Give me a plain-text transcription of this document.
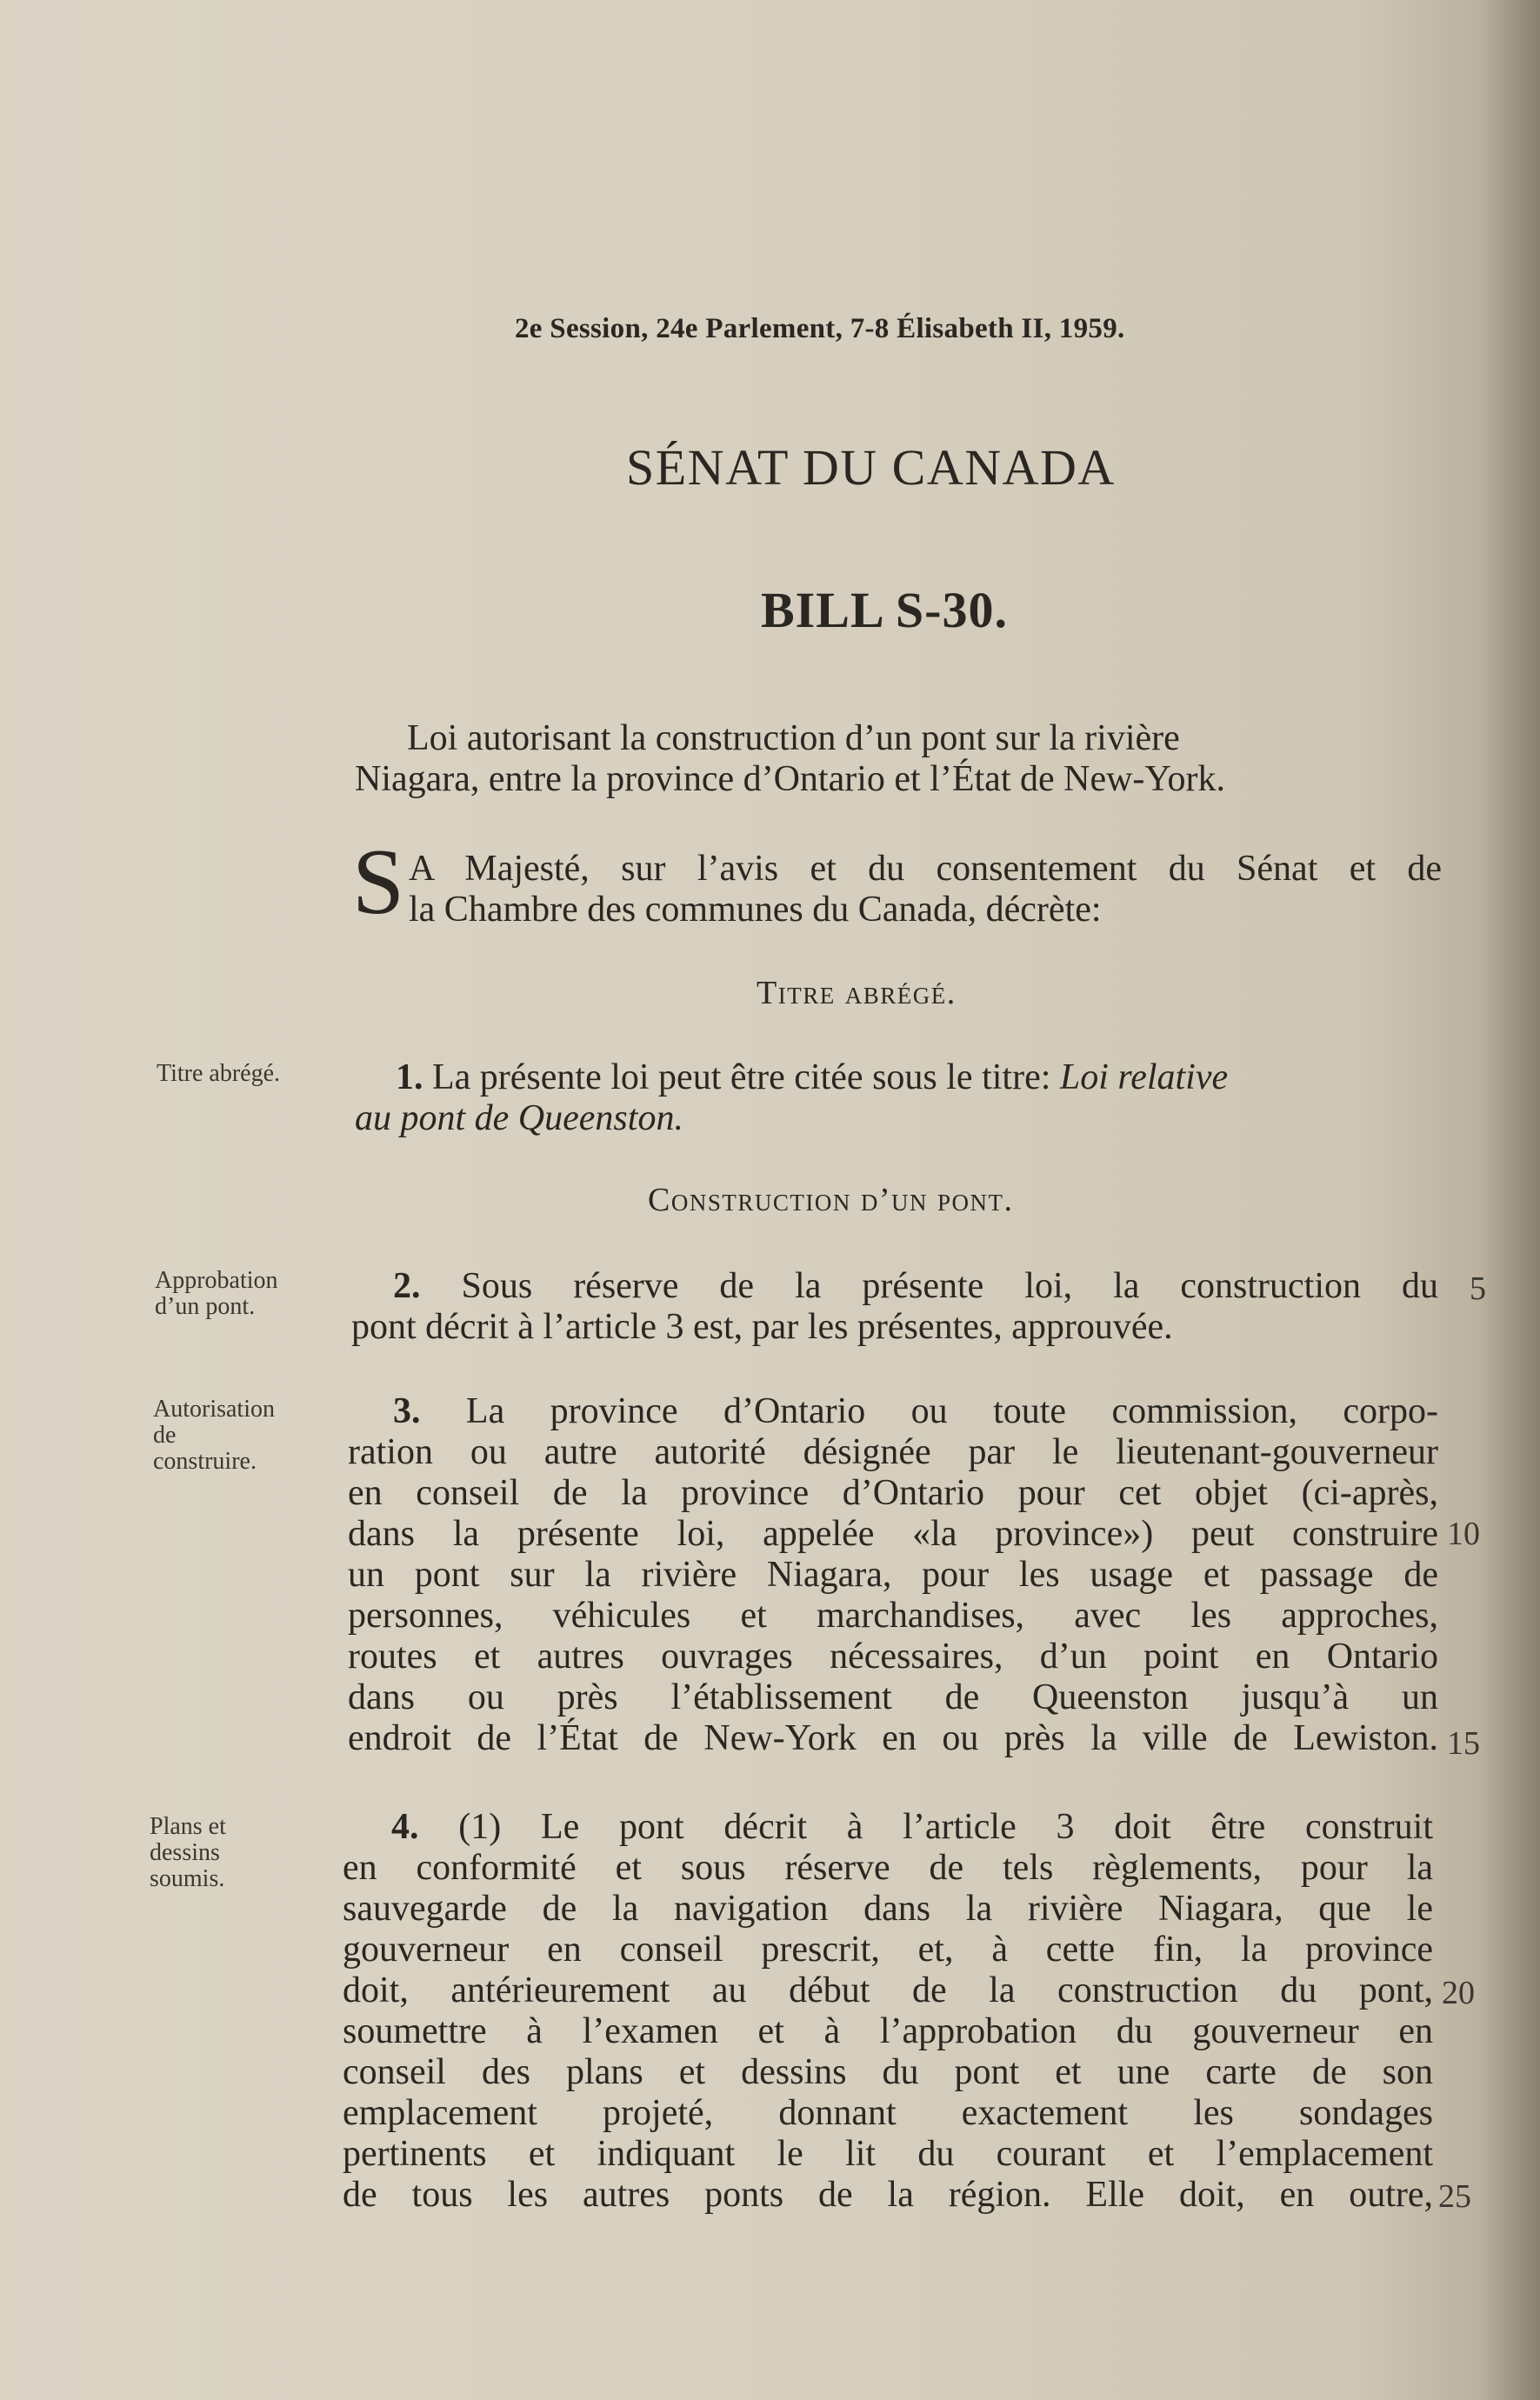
2e Session, 24e Parlement, 7-8 Élisabeth II, 1959.
SÉNAT DU CANADA
BILL S-30.
Loi autorisant la construction d’un pont sur la rivière
Niagara, entre la province d’Ontario et l’État de New-York.
S A Majesté, sur l’avis et du consentement du Sénat et de
la Chambre des communes du Canada, décrète:
Titre abrégé.
Titre abrégé.	1. La présente loi peut être citée sous le titre: Loi relative
au pont de Queenston.
Construction d’un pont.
Approbation
d’un pont.
2. Sous réserve de la présente loi, la construction du
pont décrit à l’article 3 est, par les présentes, approuvée.
Autorisation
de
construire.
3. La province d’Ontario ou toute commission, corpo-
ration ou autre autorité désignée par le lieutenant-gouverneur
en conseil de la province d’Ontario pour cet objet (ci-après,
dans la présente loi, appelée «la province») peut construire
un pont sur la rivière Niagara, pour les usage et passage de
personnes, véhicules et marchandises, avec les approches,
routes et autres ouvrages nécessaires, d’un point en Ontario
dans ou près l’établissement de Queenston jusqu’à un
endroit de l’État de New-York en ou près la ville de Lewiston.
Plans et
dessins
soumis.
4. (1) Le pont décrit à l’article 3 doit être construit
en conformité et sous réserve de tels règlements, pour la
sauvegarde de la navigation dans la rivière Niagara, que le
gouverneur en conseil prescrit, et, à cette fin, la province
doit, antérieurement au début de la construction du pont,
soumettre à l’examen et à l’approbation du gouverneur en
conseil des plans et dessins du pont et une carte de son
emplacement projeté, donnant exactement les sondages
pertinents et indiquant le lit du courant et l’emplacement
de tous les autres ponts de la région. Elle doit, en outre,
5
10
15
20
25
